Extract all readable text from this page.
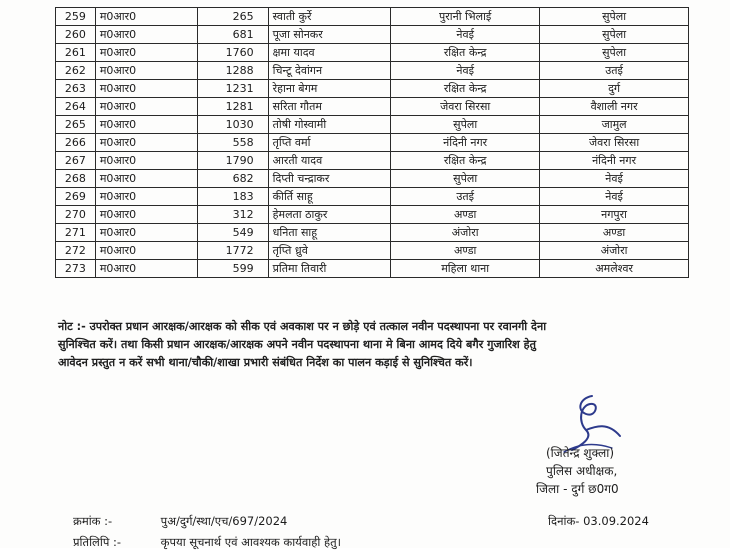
259	म0आर0	265	स्वाती कुर्रे	पुरानी भिलाई	सुपेला
260	म0आर0	681	पूजा सोनकर	नेवई	सुपेला
261	म0आर0	1760	क्षमा यादव	रक्षित केन्द्र	सुपेला
262	म0आर0	1288	चिन्टू देवांगन	नेवई	उतई
263	म0आर0	1231	रेहाना बेगम	रक्षित केन्द्र	दुर्ग
264	म0आर0	1281	सरिता गौतम	जेवरा सिरसा	वैशाली नगर
265	म0आर0	1030	तोषी गोस्वामी	सुपेला	जामुल
266	म0आर0	558	तृप्ति वर्मा	नंदिनी नगर	जेवरा सिरसा
267	म0आर0	1790	आरती यादव	रक्षित केन्द्र	नंदिनी नगर
268	म0आर0	682	दिप्ती चन्द्राकर	सुपेला	नेवई
269	म0आर0	183	कीर्ति साहू	उतई	नेवई
270	म0आर0	312	हेमलता ठाकुर	अण्डा	नगपुरा
271	म0आर0	549	धनिता साहू	अंजोरा	अण्डा
272	म0आर0	1772	तृप्ति ध्रुवे	अण्डा	अंजोरा
273	म0आर0	599	प्रतिमा तिवारी	महिला थाना	अमलेश्वर

नोट :- उपरोक्त प्रधान आरक्षक/आरक्षक को सीक एवं अवकाश पर न छोड़े एवं तत्काल नवीन पदस्थापना पर रवानगी देना

सुनिश्चित करें। तथा किसी प्रधान आरक्षक/आरक्षक अपने नवीन पदस्थापना थाना मे बिना आमद दिये बगैर गुजारिश हेतु

आवेदन प्रस्तुत न करें सभी थाना/चौकी/शाखा प्रभारी संबंधित निर्देश का पालन कड़ाई से सुनिश्चित करें।

(जितेन्द्र शुक्ला)
पुलिस अधीक्षक,
जिला - दुर्ग छ0ग0
क्रमांक :-	पुअ/दुर्ग/स्था/एच/697/2024	दिनांक- 03.09.2024
प्रतिलिपि :-	कृपया सूचनार्थ एवं आवश्यक कार्यवाही हेतु।
